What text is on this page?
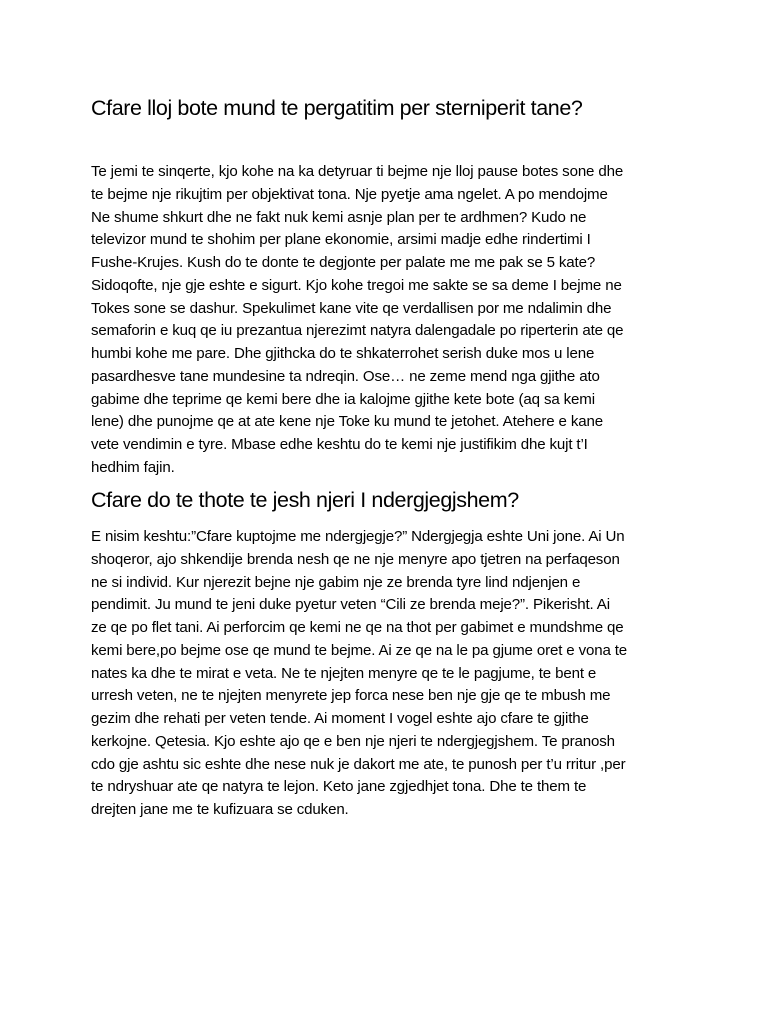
Cfare lloj bote mund te pergatitim per sterniperit tane?
Te jemi te sinqerte, kjo kohe na ka detyruar ti bejme nje lloj pause botes sone dhe
te bejme nje rikujtim per objektivat tona. Nje pyetje ama ngelet. A po mendojme
Ne shume shkurt dhe ne fakt nuk kemi asnje plan per te ardhmen? Kudo ne
televizor mund te shohim per plane ekonomie, arsimi madje edhe rindertimi I
Fushe-Krujes. Kush do te donte te degjonte per palate me me pak se 5 kate?
Sidoqofte, nje gje eshte e sigurt. Kjo kohe tregoi me sakte se sa deme I bejme ne
Tokes sone se dashur. Spekulimet kane vite qe verdallisen por me ndalimin dhe
semaforin e kuq qe iu prezantua njerezimt natyra dalengadale po riperterin ate qe
humbi kohe me pare. Dhe gjithcka do te shkaterrohet serish duke mos u lene
pasardhesve tane mundesine ta ndreqin. Ose… ne zeme mend nga gjithe ato
gabime dhe teprime qe kemi bere dhe ia kalojme gjithe kete bote (aq sa kemi
lene) dhe punojme qe at ate kene nje Toke ku mund te jetohet. Atehere e kane
vete vendimin e tyre. Mbase edhe keshtu do te kemi nje justifikim dhe kujt t’I
hedhim fajin.
Cfare do te thote te jesh njeri I ndergjegjshem?
E nisim keshtu:”Cfare kuptojme me ndergjegje?” Ndergjegja eshte Uni jone. Ai Un
shoqeror, ajo shkendije brenda nesh qe ne nje menyre apo tjetren na perfaqeson
ne si individ. Kur njerezit bejne nje gabim nje ze brenda tyre lind ndjenjen e
pendimit. Ju mund te jeni duke pyetur veten “Cili ze brenda meje?”. Pikerisht. Ai
ze qe po flet tani. Ai perforcim qe kemi ne qe na thot per gabimet e mundshme qe
kemi bere,po bejme ose qe mund te bejme. Ai ze qe na le pa gjume oret e vona te
nates ka dhe te mirat e veta. Ne te njejten menyre qe te le pagjume, te bent e
urresh veten, ne te njejten menyrete jep forca nese ben nje gje qe te mbush me
gezim dhe rehati per veten tende. Ai moment I vogel eshte ajo cfare te gjithe
kerkojne. Qetesia. Kjo eshte ajo qe e ben nje njeri te ndergjegjshem. Te pranosh
cdo gje ashtu sic eshte dhe nese nuk je dakort me ate, te punosh per t’u rritur ,per
te ndryshuar ate qe natyra te lejon. Keto jane zgjedhjet tona. Dhe te them te
drejten jane me te kufizuara se cduken.
